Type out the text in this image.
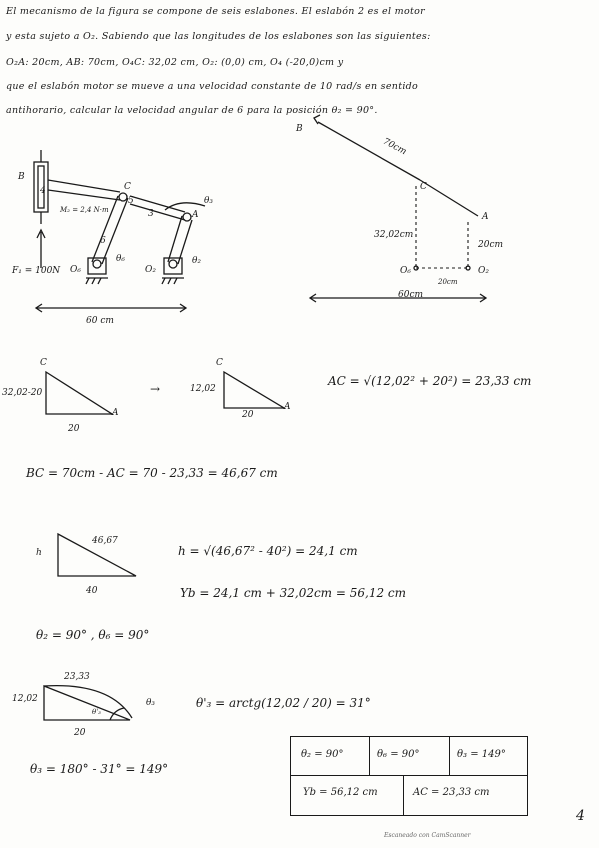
El mecanismo de la figura se compone de seis eslabones. El eslabón 2 es el motor
y esta sujeto a O₂. Sabiendo que las longitudes de los eslabones son las siguientes:
O₂A: 20cm, AB: 70cm, O₄C: 32,02 cm, O₂: (0,0) cm, O₄ (-20,0)cm y
que el eslabón motor se mueve a una velocidad constante de 10 rad/s en sentido
antihorario, calcular la velocidad angular de 6 para la posición θ₂ = 90°.
B
4	C
5
6
A
θ₃
M₂ = 2,4 N·m	3
θ₆	θ₂
O₆	O₂
F₁ = 100N
60 cm
B
70cm
C
A
32,02cm
20cm
O₆	O₂
20cm
60cm
C
32,02-20
20
A
→
C
12,02
20
A
AC = √(12,02² + 20²) = 23,33 cm
BC = 70cm - AC = 70 - 23,33 = 46,67 cm
h
46,67
40
h = √(46,67² - 40²) = 24,1 cm
Yb = 24,1 cm + 32,02cm = 56,12 cm
θ₂ = 90° , θ₆ = 90°
23,33
12,02	θ₃
θ'₃
20
θ'₃ = arctg(12,02 / 20) = 31°
θ₃ = 180° - 31° = 149°
θ₂ = 90°	θ₆ = 90°	θ₃ = 149°
Yb = 56,12 cm	AC = 23,33 cm
4
Escaneado con CamScanner
